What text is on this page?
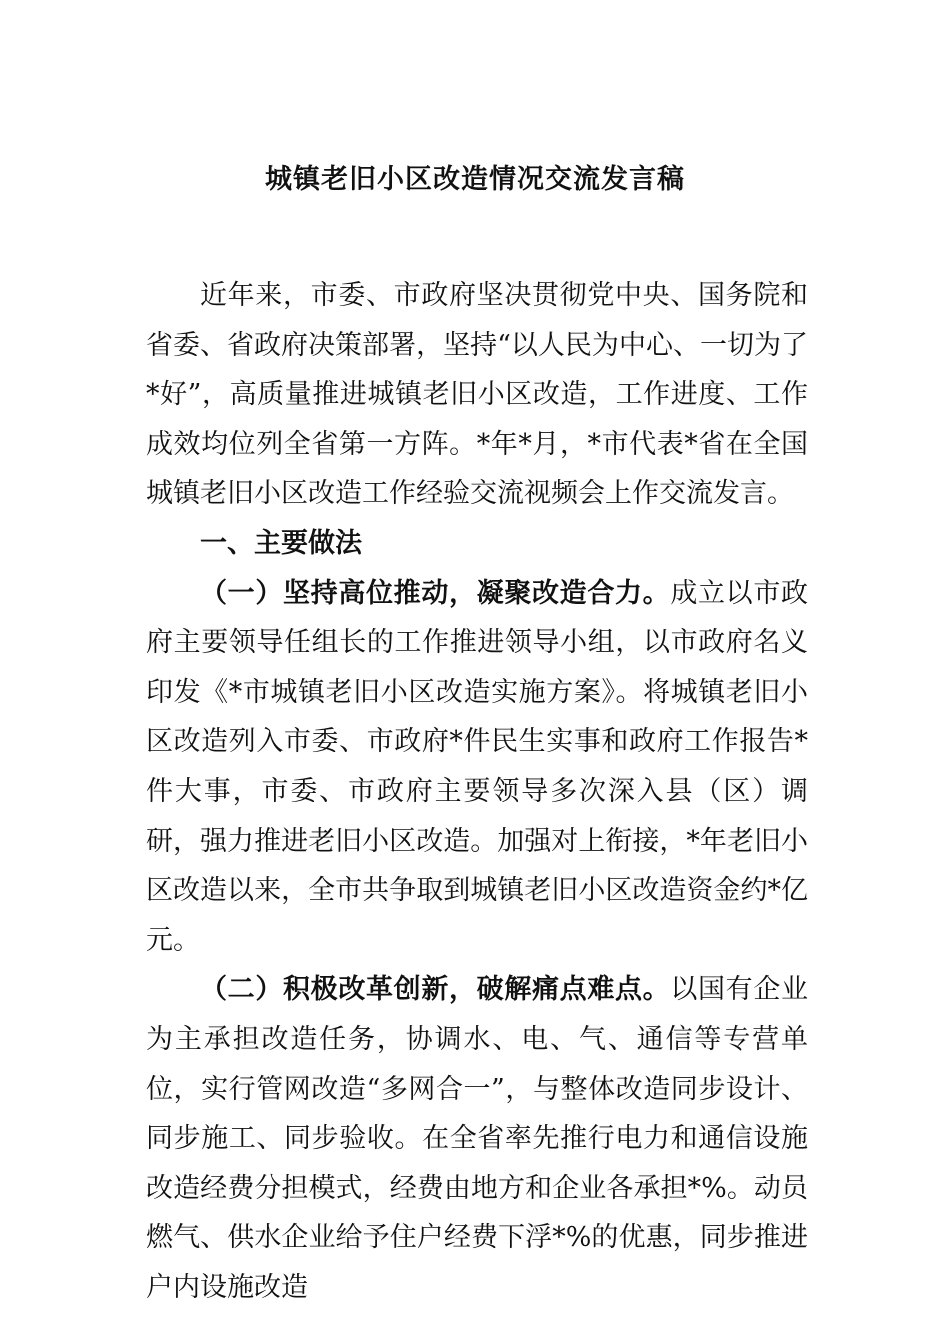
城镇老旧小区改造情况交流发言稿

近年来，市委、市政府坚决贯彻党中央、国务院和省委、省政府决策部署，坚持“以人民为中心、一切为了*好”，高质量推进城镇老旧小区改造，工作进度、工作成效均位列全省第一方阵。*年*月，*市代表*省在全国城镇老旧小区改造工作经验交流视频会上作交流发言。

一、主要做法

（一）坚持高位推动，凝聚改造合力。成立以市政府主要领导任组长的工作推进领导小组，以市政府名义印发《*市城镇老旧小区改造实施方案》。将城镇老旧小区改造列入市委、市政府*件民生实事和政府工作报告*件大事，市委、市政府主要领导多次深入县（区）调研，强力推进老旧小区改造。加强对上衔接，*年老旧小区改造以来，全市共争取到城镇老旧小区改造资金约*亿元。

（二）积极改革创新，破解痛点难点。以国有企业为主承担改造任务，协调水、电、气、通信等专营单位，实行管网改造“多网合一”，与整体改造同步设计、同步施工、同步验收。在全省率先推行电力和通信设施改造经费分担模式，经费由地方和企业各承担*%。动员燃气、供水企业给予住户经费下浮*%的优惠，同步推进户内设施改造
